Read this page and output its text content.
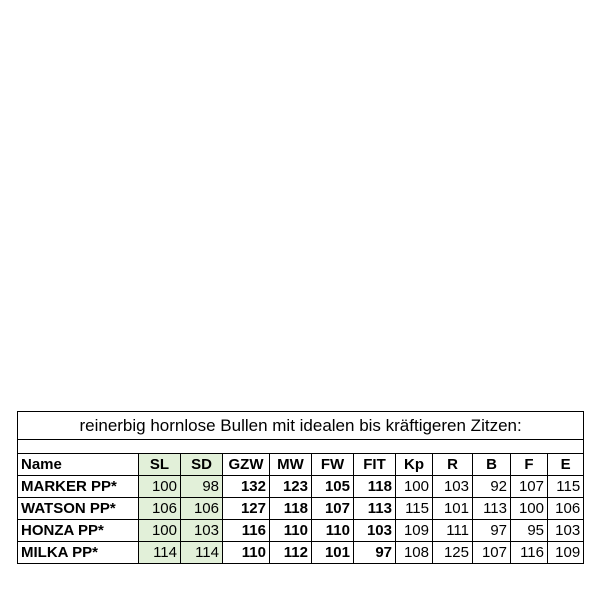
reinerbig hornlose Bullen mit idealen bis kräftigeren Zitzen:											

Name	SL	SD	GZW	MW	FW	FIT	Kp	R	B	F	E
MARKER PP*	100	98	132	123	105	118	100	103	92	107	115
WATSON PP*	106	106	127	118	107	113	115	101	113	100	106
HONZA PP*	100	103	116	110	110	103	109	111	97	95	103
MILKA PP*	114	114	110	112	101	97	108	125	107	116	109
